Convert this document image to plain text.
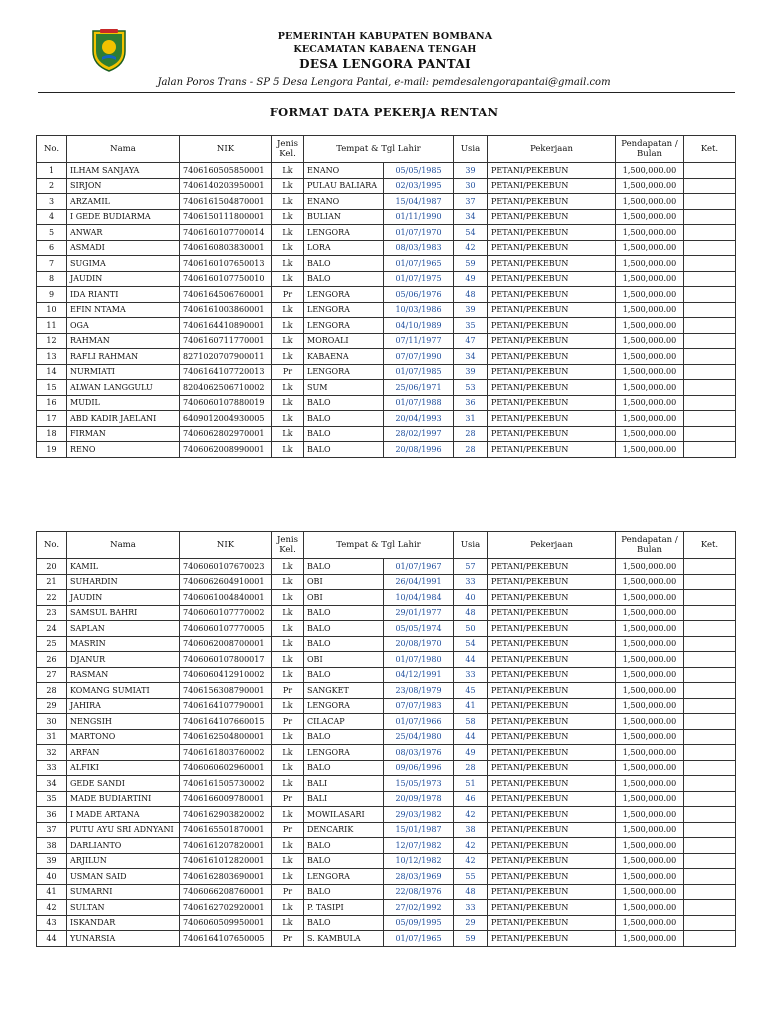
PEMERINTAH KABUPATEN BOMBANA
KECAMATAN KABAENA TENGAH
DESA LENGORA PANTAI
Jalan Poros Trans - SP 5 Desa Lengora Pantai, e-mail: pemdesalengorapantai@gmail.com
FORMAT DATA PEKERJA RENTAN
No.	Nama	NIK	Jenis Kel.	Tempat & Tgl Lahir		Usia	Pekerjaan	Pendapatan / Bulan	Ket.
1	ILHAM SANJAYA	7406160505850001	Lk	ENANO	05/05/1985	39	PETANI/PEKEBUN	1,500,000.00	
2	SIRJON	7406140203950001	Lk	PULAU BALIARA	02/03/1995	30	PETANI/PEKEBUN	1,500,000.00	
3	ARZAMIL	7406161504870001	Lk	ENANO	15/04/1987	37	PETANI/PEKEBUN	1,500,000.00	
4	I GEDE BUDIARMA	7406150111800001	Lk	BULIAN	01/11/1990	34	PETANI/PEKEBUN	1,500,000.00	
5	ANWAR	7406160107700014	Lk	LENGORA	01/07/1970	54	PETANI/PEKEBUN	1,500,000.00	
6	ASMADI	7406160803830001	Lk	LORA	08/03/1983	42	PETANI/PEKEBUN	1,500,000.00	
7	SUGIMA	7406160107650013	Lk	BALO	01/07/1965	59	PETANI/PEKEBUN	1,500,000.00	
8	JAUDIN	7406160107750010	Lk	BALO	01/07/1975	49	PETANI/PEKEBUN	1,500,000.00	
9	IDA RIANTI	7406164506760001	Pr	LENGORA	05/06/1976	48	PETANI/PEKEBUN	1,500,000.00	
10	EFIN NTAMA	7406161003860001	Lk	LENGORA	10/03/1986	39	PETANI/PEKEBUN	1,500,000.00	
11	OGA	7406164410890001	Lk	LENGORA	04/10/1989	35	PETANI/PEKEBUN	1,500,000.00	
12	RAHMAN	7406160711770001	Lk	MOROALI	07/11/1977	47	PETANI/PEKEBUN	1,500,000.00	
13	RAFLI RAHMAN	8271020707900011	Lk	KABAENA	07/07/1990	34	PETANI/PEKEBUN	1,500,000.00	
14	NURMIATI	7406164107720013	Pr	LENGORA	01/07/1985	39	PETANI/PEKEBUN	1,500,000.00	
15	ALWAN LANGGULU	8204062506710002	Lk	SUM	25/06/1971	53	PETANI/PEKEBUN	1,500,000.00	
16	MUDIL	7406060107880019	Lk	BALO	01/07/1988	36	PETANI/PEKEBUN	1,500,000.00	
17	ABD KADIR JAELANI	6409012004930005	Lk	BALO	20/04/1993	31	PETANI/PEKEBUN	1,500,000.00	
18	FIRMAN	7406062802970001	Lk	BALO	28/02/1997	28	PETANI/PEKEBUN	1,500,000.00	
19	RENO	7406062008990001	Lk	BALO	20/08/1996	28	PETANI/PEKEBUN	1,500,000.00	
No.	Nama	NIK	Jenis Kel.	Tempat & Tgl Lahir		Usia	Pekerjaan	Pendapatan / Bulan	Ket.
20	KAMIL	7406060107670023	Lk	BALO	01/07/1967	57	PETANI/PEKEBUN	1,500,000.00	
21	SUHARDIN	7406062604910001	Lk	OBI	26/04/1991	33	PETANI/PEKEBUN	1,500,000.00	
22	JAUDIN	7406061004840001	Lk	OBI	10/04/1984	40	PETANI/PEKEBUN	1,500,000.00	
23	SAMSUL BAHRI	7406060107770002	Lk	BALO	29/01/1977	48	PETANI/PEKEBUN	1,500,000.00	
24	SAPLAN	7406060107770005	Lk	BALO	05/05/1974	50	PETANI/PEKEBUN	1,500,000.00	
25	MASRIN	7406062008700001	Lk	BALO	20/08/1970	54	PETANI/PEKEBUN	1,500,000.00	
26	DJANUR	7406060107800017	Lk	OBI	01/07/1980	44	PETANI/PEKEBUN	1,500,000.00	
27	RASMAN	7406060412910002	Lk	BALO	04/12/1991	33	PETANI/PEKEBUN	1,500,000.00	
28	KOMANG SUMIATI	7406156308790001	Pr	SANGKET	23/08/1979	45	PETANI/PEKEBUN	1,500,000.00	
29	JAHIRA	7406164107790001	Lk	LENGORA	07/07/1983	41	PETANI/PEKEBUN	1,500,000.00	
30	NENGSIH	7406164107660015	Pr	CILACAP	01/07/1966	58	PETANI/PEKEBUN	1,500,000.00	
31	MARTONO	7406162504800001	Lk	BALO	25/04/1980	44	PETANI/PEKEBUN	1,500,000.00	
32	ARFAN	7406161803760002	Lk	LENGORA	08/03/1976	49	PETANI/PEKEBUN	1,500,000.00	
33	ALFIKI	7406060602960001	Lk	BALO	09/06/1996	28	PETANI/PEKEBUN	1,500,000.00	
34	GEDE SANDI	7406161505730002	Lk	BALI	15/05/1973	51	PETANI/PEKEBUN	1,500,000.00	
35	MADE BUDIARTINI	7406166009780001	Pr	BALI	20/09/1978	46	PETANI/PEKEBUN	1,500,000.00	
36	I MADE ARTANA	7406162903820002	Lk	MOWILASARI	29/03/1982	42	PETANI/PEKEBUN	1,500,000.00	
37	PUTU AYU SRI ADNYANI	7406165501870001	Pr	DENCARIK	15/01/1987	38	PETANI/PEKEBUN	1,500,000.00	
38	DARLIANTO	7406161207820001	Lk	BALO	12/07/1982	42	PETANI/PEKEBUN	1,500,000.00	
39	ARJILUN	7406161012820001	Lk	BALO	10/12/1982	42	PETANI/PEKEBUN	1,500,000.00	
40	USMAN SAID	7406162803690001	Lk	LENGORA	28/03/1969	55	PETANI/PEKEBUN	1,500,000.00	
41	SUMARNI	7406066208760001	Pr	BALO	22/08/1976	48	PETANI/PEKEBUN	1,500,000.00	
42	SULTAN	7406162702920001	Lk	P. TASIPI	27/02/1992	33	PETANI/PEKEBUN	1,500,000.00	
43	ISKANDAR	7406060509950001	Lk	BALO	05/09/1995	29	PETANI/PEKEBUN	1,500,000.00	
44	YUNARSIA	7406164107650005	Pr	S. KAMBULA	01/07/1965	59	PETANI/PEKEBUN	1,500,000.00	
